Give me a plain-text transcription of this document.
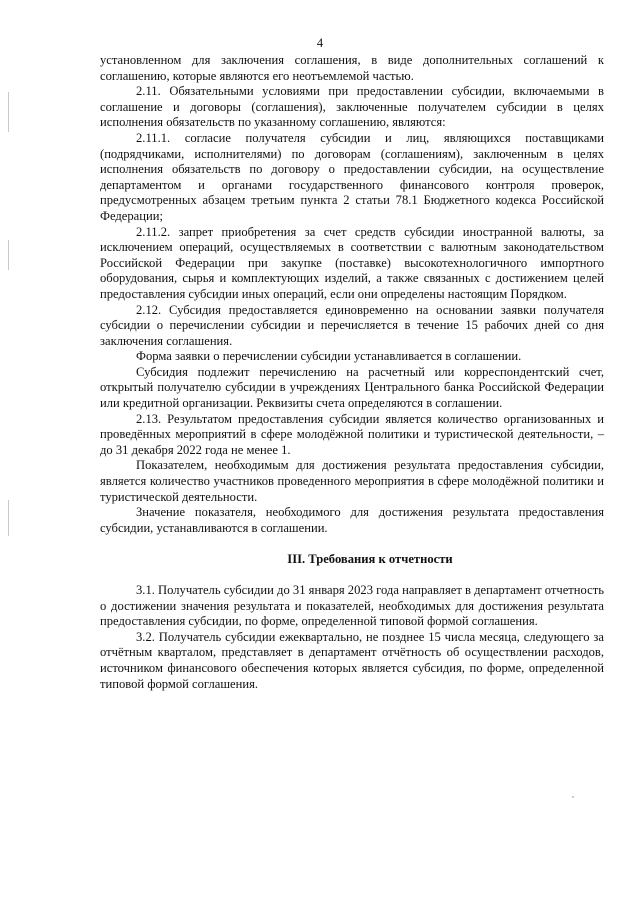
4

установленном для заключения соглашения, в виде дополнительных соглашений к соглашению, которые являются его неотъемлемой частью.

2.11. Обязательными условиями при предоставлении субсидии, включаемыми в соглашение и договоры (соглашения), заключенные получателем субсидии в целях исполнения обязательств по указанному соглашению, являются:

2.11.1. согласие получателя субсидии и лиц, являющихся поставщиками (подрядчиками, исполнителями) по договорам (соглашениям), заключенным в целях исполнения обязательств по договору о предоставлении субсидии, на осуществление департаментом и органами государственного финансового контроля проверок, предусмотренных абзацем третьим пункта 2 статьи 78.1 Бюджетного кодекса Российской Федерации;

2.11.2. запрет приобретения за счет средств субсидии иностранной валюты, за исключением операций, осуществляемых в соответствии с валютным законодательством Российской Федерации при закупке (поставке) высокотехнологичного импортного оборудования, сырья и комплектующих изделий, а также связанных с достижением целей предоставления субсидии иных операций, если они определены настоящим Порядком.

2.12. Субсидия предоставляется единовременно на основании заявки получателя субсидии о перечислении субсидии и перечисляется в течение 15 рабочих дней со дня заключения соглашения.

Форма заявки о перечислении субсидии устанавливается в соглашении.

Субсидия подлежит перечислению на расчетный или корреспондентский счет, открытый получателю субсидии в учреждениях Центрального банка Российской Федерации или кредитной организации. Реквизиты счета определяются в соглашении.

2.13. Результатом предоставления субсидии является количество организованных и проведённых мероприятий в сфере молодёжной политики и туристической деятельности, – до 31 декабря 2022 года не менее 1.

Показателем, необходимым для достижения результата предоставления субсидии, является количество участников проведенного мероприятия в сфере молодёжной политики и туристической деятельности.

Значение показателя, необходимого для достижения результата предоставления субсидии, устанавливаются в соглашении.

III. Требования к отчетности

3.1. Получатель субсидии до 31 января 2023 года направляет в департамент отчетность о достижении значения результата и показателей, необходимых для достижения результата предоставления субсидии, по форме, определенной типовой формой соглашения.

3.2. Получатель субсидии ежеквартально, не позднее 15 числа месяца, следующего за отчётным кварталом, представляет в департамент отчётность об осуществлении расходов, источником финансового обеспечения которых является субсидия, по форме, определенной типовой формой соглашения.
